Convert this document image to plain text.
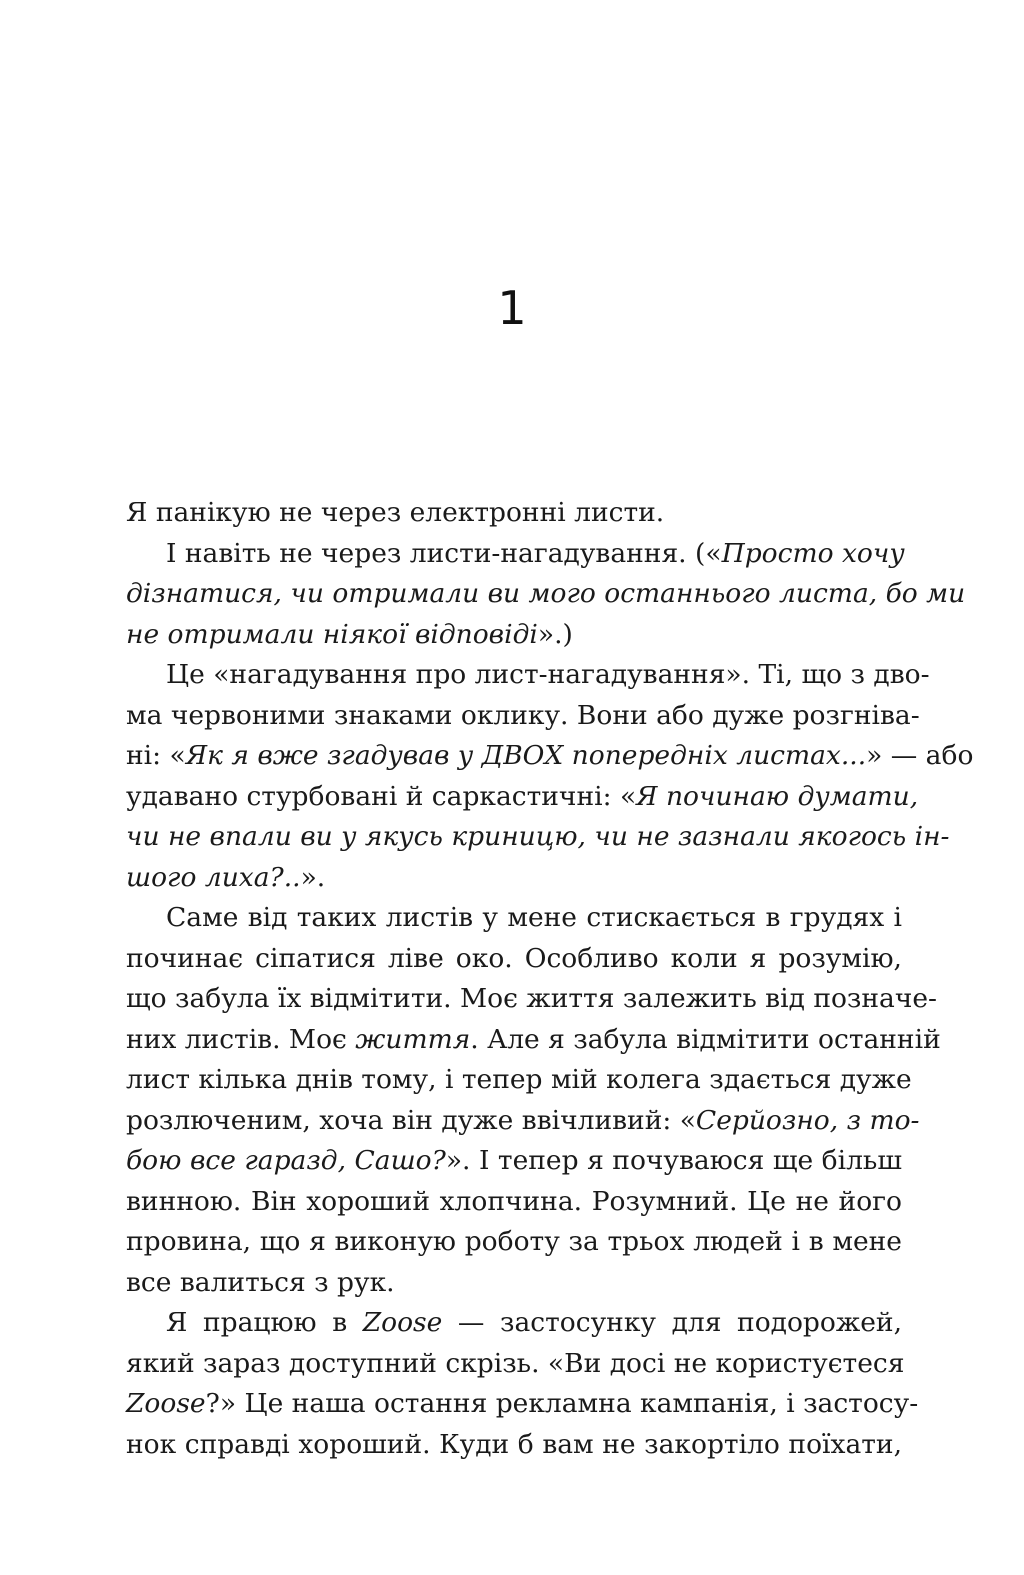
1
Я панікую не через електронні листи.
І навіть не через листи-нагадування. («Просто хочу
дізнатися, чи отримали ви мого останнього листа, бо ми
не отримали ніякої відповіді».)
Це «нагадування про лист-нагадування». Ті, що з дво-
ма червоними знаками оклику. Вони або дуже розгніва-
ні: «Як я вже згадував у ДВОХ попередніх листах...» — або
удавано стурбовані й саркастичні: «Я починаю думати,
чи не впали ви у якусь криницю, чи не зазнали якогось ін-
шого лиха?..».
Саме від таких листів у мене стискається в грудях і
починає сіпатися ліве око. Особливо коли я розумію,
що забула їх відмітити. Моє життя залежить від позначе-
них листів. Моє життя. Але я забула відмітити останній
лист кілька днів тому, і тепер мій колега здається дуже
розлюченим, хоча він дуже ввічливий: «Серйозно, з то-
бою все гаразд, Сашо?». І тепер я почуваюся ще більш
винною. Він хороший хлопчина. Розумний. Це не його
провина, що я виконую роботу за трьох людей і в мене
все валиться з рук.
Я працюю в Zoose — застосунку для подорожей,
який зараз доступний скрізь. «Ви досі не користуєтеся
Zoose?» Це наша остання рекламна кампанія, і застосу-
нок справді хороший. Куди б вам не закортіло поїхати,
